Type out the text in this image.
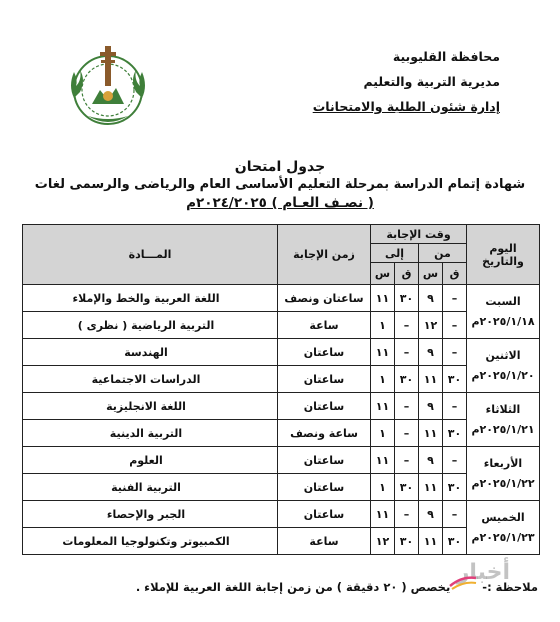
محافظة القليوبية
مديرية التربية والتعليم
إدارة شئون الطلبة والامتحانات
جدول امتحان
شهادة إتمام الدراسة بمرحلة التعليم الأساسى العام والرياضى والرسمى لغات
( نصـف العـام ) ٢٠٢٤/٢٠٢٥م
اليوم والتاريخ	وقت الإجابة				زمن الإجابة	المـــادة
	من		إلى			
	ق	س	ق	س		

السبت
٢٠٢٥/١/١٨م	–	٩	٣٠	١١	ساعتان ونصف	اللغة العربية والخط والإملاء
	–	١٢	–	١	ساعة	التربية الرياضية ( نظرى )

الاثنين
٢٠٢٥/١/٢٠م	–	٩	–	١١	ساعتان	الهندسة
	٣٠	١١	٣٠	١	ساعتان	الدراسات الاجتماعية

الثلاثاء
٢٠٢٥/١/٢١م	–	٩	–	١١	ساعتان	اللغة الانجليزية
	٣٠	١١	–	١	ساعة ونصف	التربية الدينية

الأربعاء
٢٠٢٥/١/٢٢م	–	٩	–	١١	ساعتان	العلوم
	٣٠	١١	٣٠	١	ساعتان	التربية الفنية

الخميس
٢٠٢٥/١/٢٣م	–	٩	–	١١	ساعتان	الجبر والإحصاء
	٣٠	١١	٣٠	١٢	ساعة	الكمبيوتر وتكنولوجيا المعلومات
ملاحظة :- يخصص ( ٢٠ دقيقة ) من زمن إجابة اللغة العربية للإملاء .
أخبار
